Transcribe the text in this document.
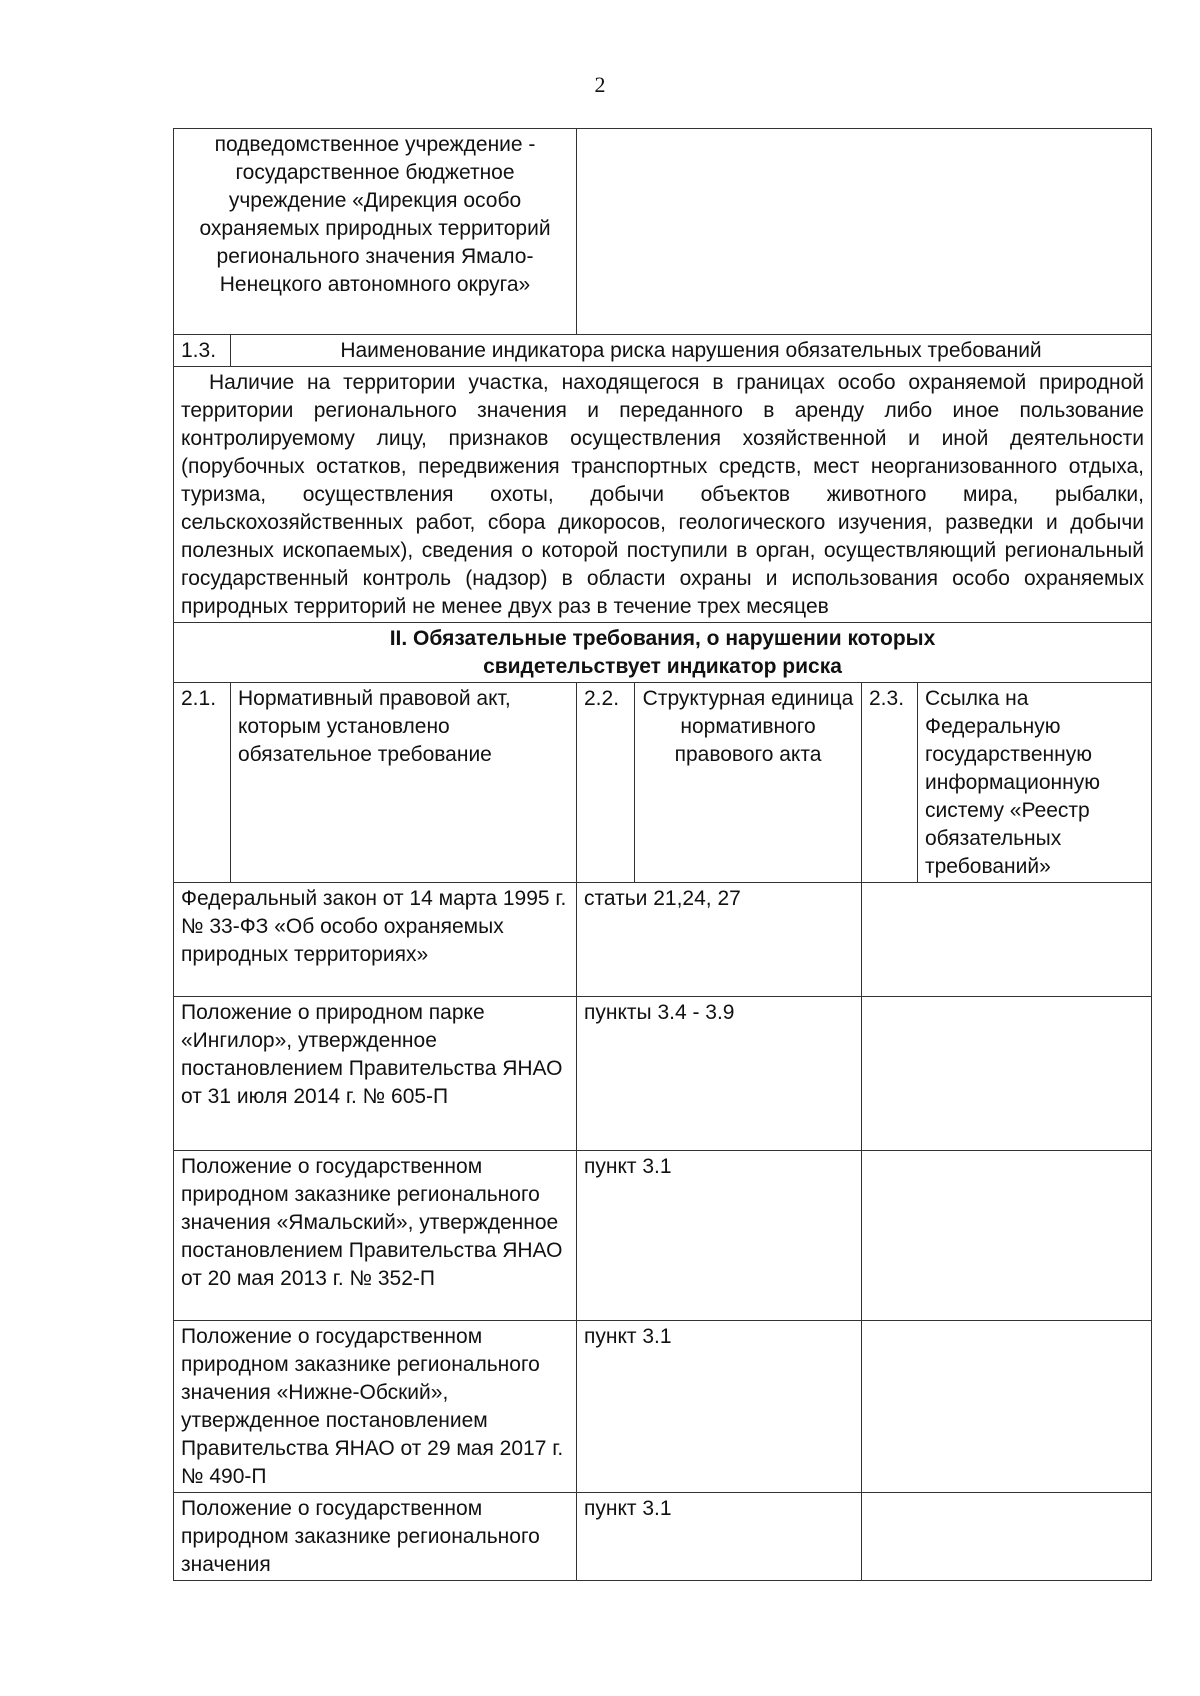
2
подведомственное учреждение - государственное бюджетное учреждение «Дирекция особо охраняемых природных территорий регионального значения Ямало-Ненецкого автономного округа»					
1.3.	Наименование индикатора риска нарушения обязательных требований				
Наличие на территории участка, находящегося в границах особо охраняемой природной территории регионального значения и переданного в аренду либо иное пользование контролируемому лицу, признаков осуществления хозяйственной и иной деятельности (порубочных остатков, передвижения транспортных средств, мест неорганизованного отдыха, туризма, осуществления охоты, добычи объектов животного мира, рыбалки, сельскохозяйственных работ, сбора дикоросов, геологического изучения, разведки и добычи полезных ископаемых), сведения о которой поступили в орган, осуществляющий региональный государственный контроль (надзор) в области охраны и использования особо охраняемых природных территорий не менее двух раз в течение трех месяцев					

II. Обязательные требования, о нарушении которых
свидетельствует индикатор риска					

2.1.	Нормативный правовой акт, которым установлено обязательное требование	2.2.	Структурная единица нормативного правового акта	2.3.	Ссылка на Федеральную государственную информационную систему «Реестр обязательных требований»
Федеральный закон от 14 марта 1995 г. № 33-ФЗ «Об особо охраняемых природных территориях»		статьи 21,24, 27			
Положение о природном парке «Ингилор», утвержденное постановлением Правительства ЯНАО от 31 июля 2014 г. № 605-П		пункты 3.4 - 3.9			
Положение о государственном природном заказнике регионального значения «Ямальский», утвержденное постановлением Правительства ЯНАО от 20 мая 2013 г. № 352-П		пункт 3.1			
Положение о государственном природном заказнике регионального значения «Нижне-Обский», утвержденное постановлением Правительства ЯНАО от 29 мая 2017 г. № 490-П		пункт 3.1			
Положение о государственном природном заказнике регионального значения		пункт 3.1			
